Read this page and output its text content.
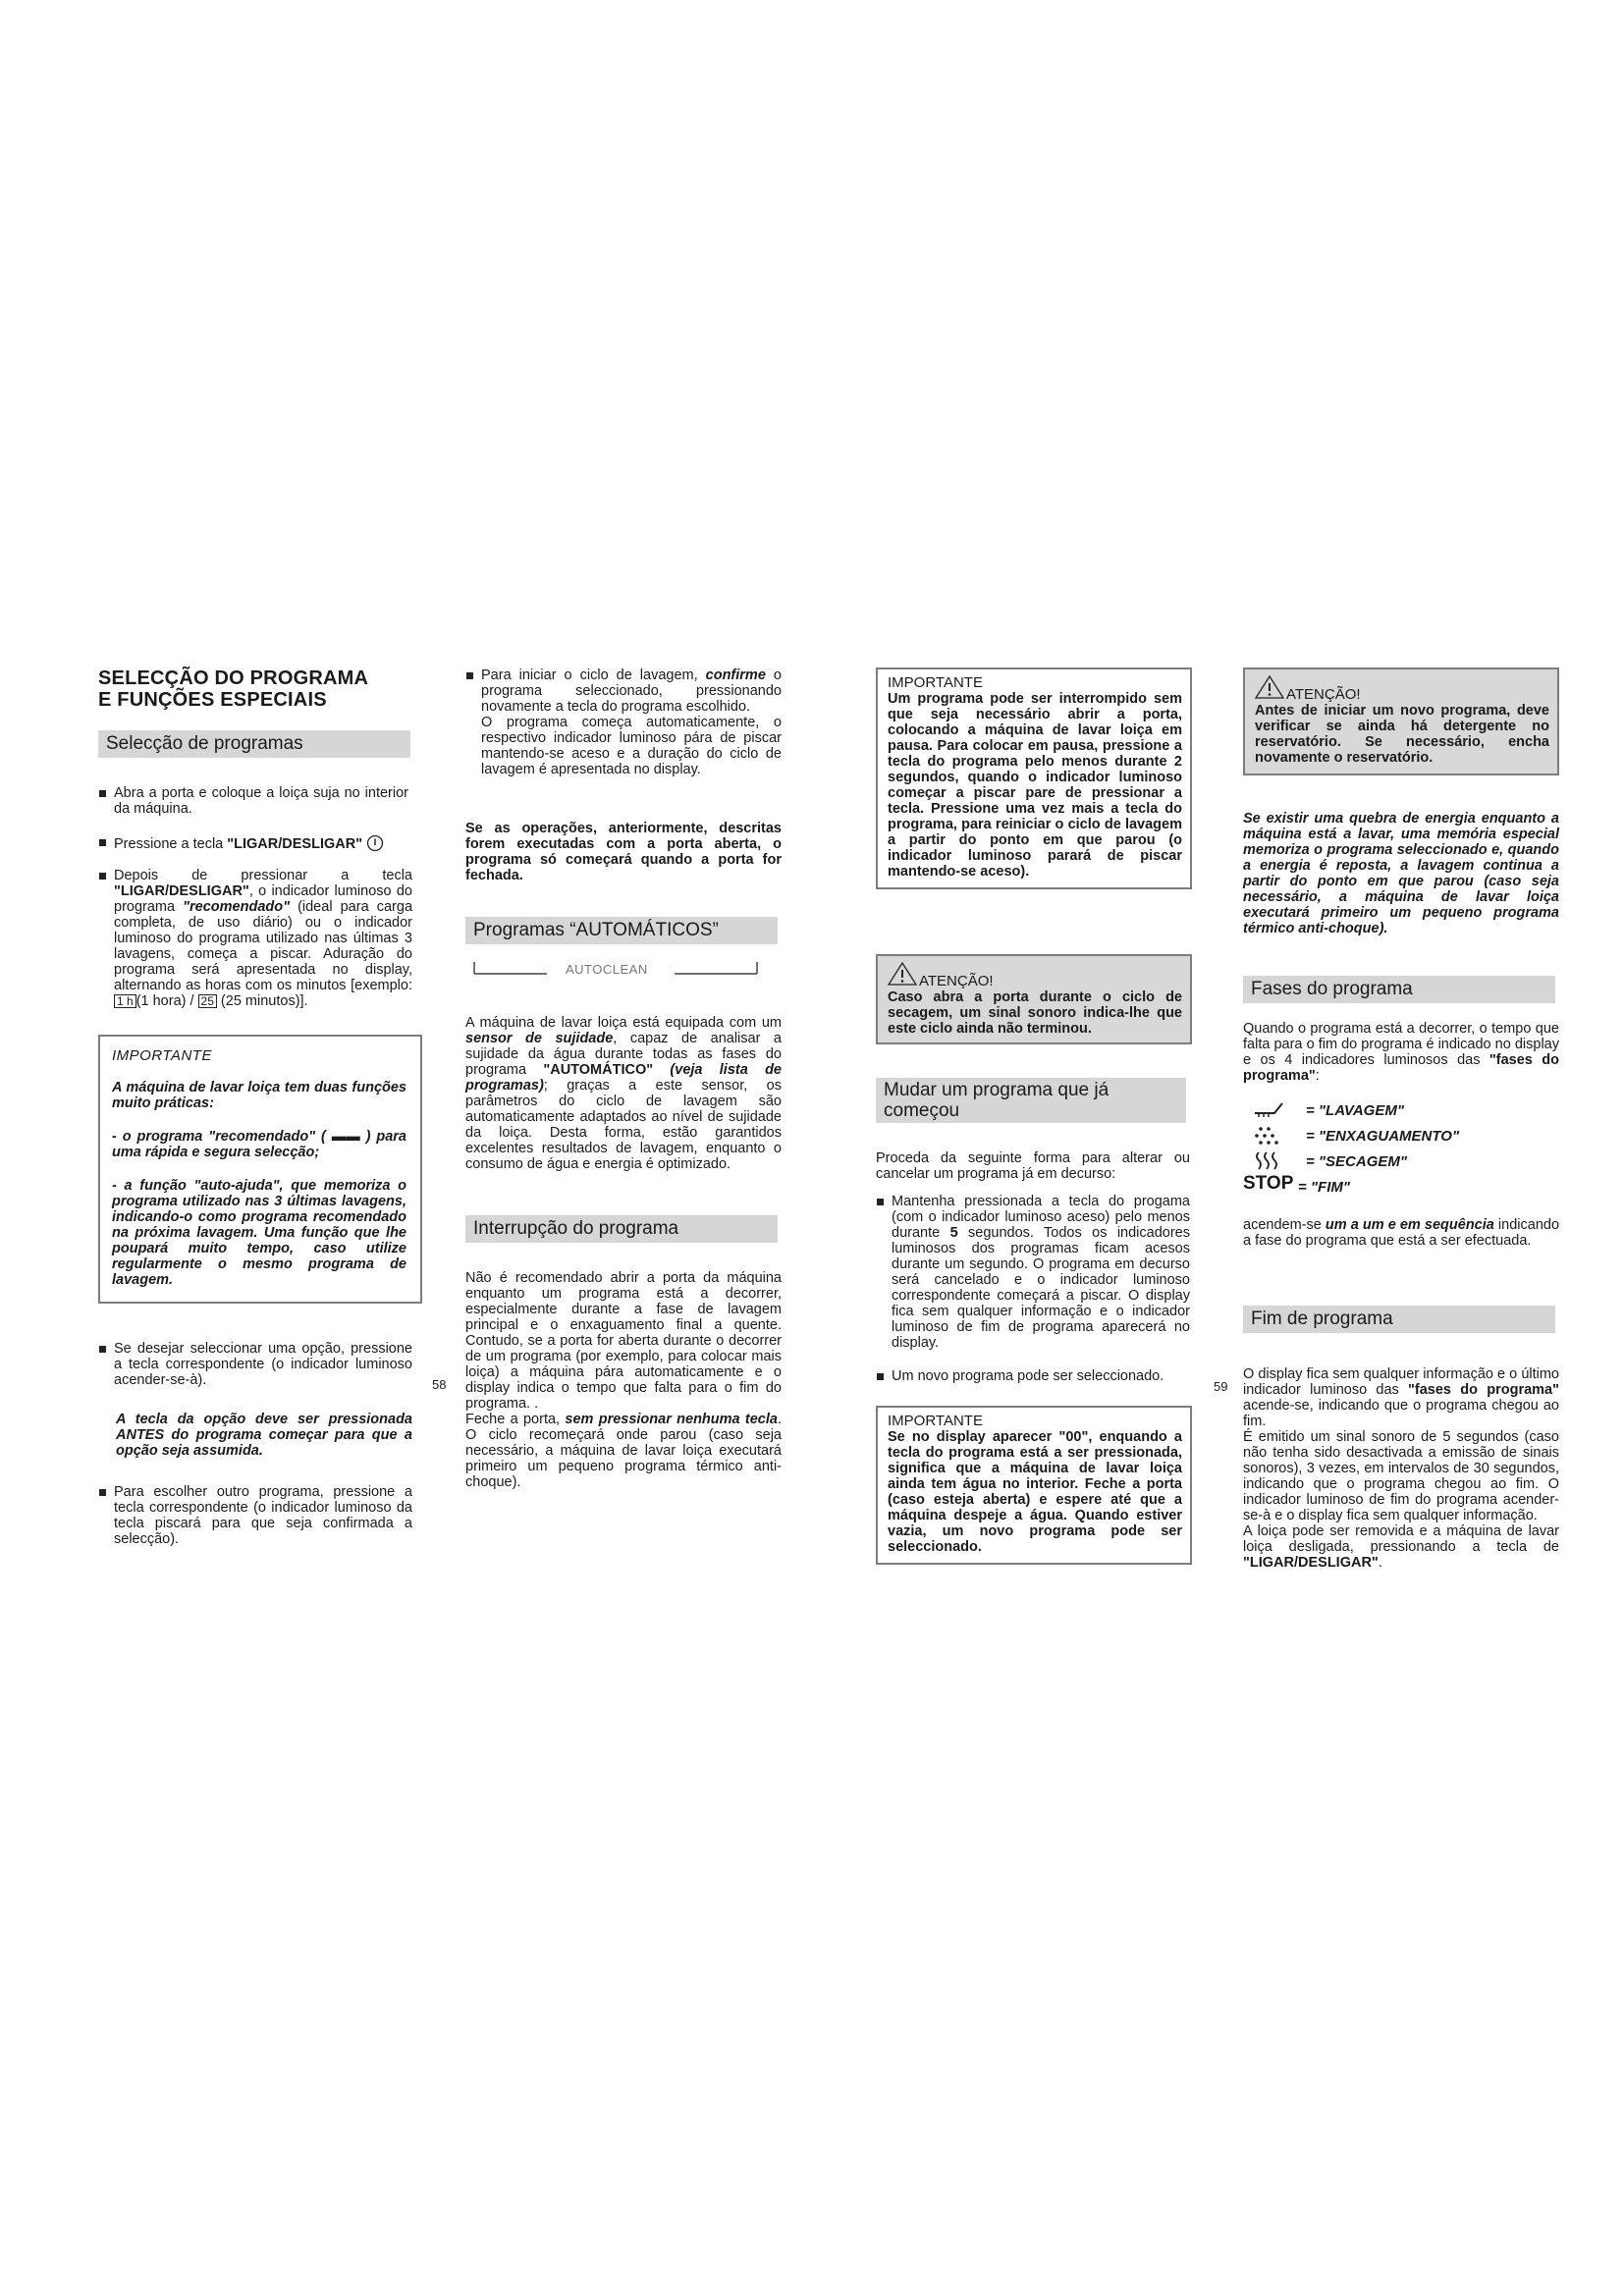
SELECÇÃO DO PROGRAMA

E FUNÇÕES ESPECIAIS

Selecção de programas

Abra a porta e coloque a loiça suja no interior da máquina.

Pressione a tecla "LIGAR/DESLIGAR"

Depois de pressionar a tecla "LIGAR/DESLIGAR", o indicador luminoso do programa "recomendado" (ideal para carga completa, de uso diário) ou o indicador luminoso do programa utilizado nas últimas 3 lavagens, começa a piscar. Aduração do programa será apresentada no display, alternando as horas com os minutos [exemplo: 1 h (1 hora) / 25 (25 minutos)].

IMPORTANTE

A máquina de lavar loiça tem duas funções muito práticas:

- o programa "recomendado" ( ▬▬ ) para uma rápida e segura selecção;

- a função "auto-ajuda", que memoriza o programa utilizado nas 3 últimas lavagens, indicando-o como programa recomendado na próxima lavagem. Uma função que lhe poupará muito tempo, caso utilize regularmente o mesmo programa de lavagem.

Se desejar seleccionar uma opção, pressione a tecla correspondente (o indicador luminoso acender-se-à).

A tecla da opção deve ser pressionada ANTES do programa começar para que a opção seja assumida.

Para escolher outro programa, pressione a tecla correspondente (o indicador luminoso da tecla piscará para que seja confirmada a selecção).

Para iniciar o ciclo de lavagem, confirme o programa seleccionado, pressionando novamente a tecla do programa escolhido.
O programa começa automaticamente, o respectivo indicador luminoso pára de piscar mantendo-se aceso e a duração do ciclo de lavagem é apresentada no display.

Se as operações, anteriormente, descritas forem executadas com a porta aberta, o programa só começará quando a porta for fechada.

Programas “AUTOMÁTICOS”
AUTOCLEAN

A máquina de lavar loiça está equipada com um sensor de sujidade, capaz de analisar a sujidade da água durante todas as fases do programa "AUTOMÁTICO" (veja lista de programas); graças a este sensor, os parâmetros do ciclo de lavagem são automaticamente adaptados ao nível de sujidade da loiça. Desta forma, estão garantidos excelentes resultados de lavagem, enquanto o consumo de água e energia é optimizado.

Interrupção do programa

Não é recomendado abrir a porta da máquina enquanto um programa está a decorrer, especialmente durante a fase de lavagem principal e o enxaguamento final a quente. Contudo, se a porta for aberta durante o decorrer de um programa (por exemplo, para colocar mais loiça) a máquina pára automaticamente e o display indica o tempo que falta para o fim do programa. .

Feche a porta, sem pressionar nenhuma tecla. O ciclo recomeçará onde parou (caso seja necessário, a máquina de lavar loiça executará primeiro um pequeno programa térmico anti-choque).

58

IMPORTANTE

Um programa pode ser interrompido sem que seja necessário abrir a porta, colocando a máquina de lavar loiça em pausa. Para colocar em pausa, pressione a tecla do programa pelo menos durante 2 segundos, quando o indicador luminoso começar a piscar pare de pressionar a tecla. Pressione uma vez mais a tecla do programa, para reiniciar o ciclo de lavagem a partir do ponto em que parou (o indicador luminoso parará de piscar mantendo-se aceso).

ATENÇÃO!

Caso abra a porta durante o ciclo de secagem, um sinal sonoro indica-lhe que este ciclo ainda não terminou.

Mudar um programa que já começou

Proceda da seguinte forma para alterar ou cancelar um programa já em decurso:

Mantenha pressionada a tecla do progama (com o indicador luminoso aceso) pelo menos durante 5 segundos. Todos os indicadores luminosos dos programas ficam acesos durante um segundo. O programa em decurso será cancelado e o indicador luminoso correspondente começará a piscar. O display fica sem qualquer informação e o indicador luminoso de fim de programa aparecerá no display.

Um novo programa pode ser seleccionado.

IMPORTANTE

Se no display aparecer "00", enquando a tecla do programa está a ser pressionada, significa que a máquina de lavar loiça ainda tem água no interior. Feche a porta (caso esteja aberta) e espere até que a máquina despeje a água. Quando estiver vazia, um novo programa pode ser seleccionado.

ATENÇÃO!

Antes de iniciar um novo programa, deve verificar se ainda há detergente no reservatório. Se necessário, encha novamente o reservatório.

Se existir uma quebra de energia enquanto a máquina está a lavar, uma memória especial memoriza o programa seleccionado e, quando a energia é reposta, a lavagem continua a partir do ponto em que parou (caso seja necessário, a máquina de lavar loiça executará primeiro um pequeno programa térmico anti-choque).

Fases do programa

Quando o programa está a decorrer, o tempo que falta para o fim do programa é indicado no display e os 4 indicadores luminosos das "fases do programa":

= "LAVAGEM"
= "ENXAGUAMENTO"
= "SECAGEM"
STOP = "FIM"

acendem-se um a um e em sequência indicando a fase do programa que está a ser efectuada.

Fim de programa

O display fica sem qualquer informação e o último indicador luminoso das "fases do programa" acende-se, indicando que o programa chegou ao fim.
É emitido um sinal sonoro de 5 segundos (caso não tenha sido desactivada a emissão de sinais sonoros), 3 vezes, em intervalos de 30 segundos, indicando que o programa chegou ao fim. O indicador luminoso de fim do programa acender-se-à e o display fica sem qualquer informação.
A loiça pode ser removida e a máquina de lavar loiça desligada, pressionando a tecla de "LIGAR/DESLIGAR".

59
